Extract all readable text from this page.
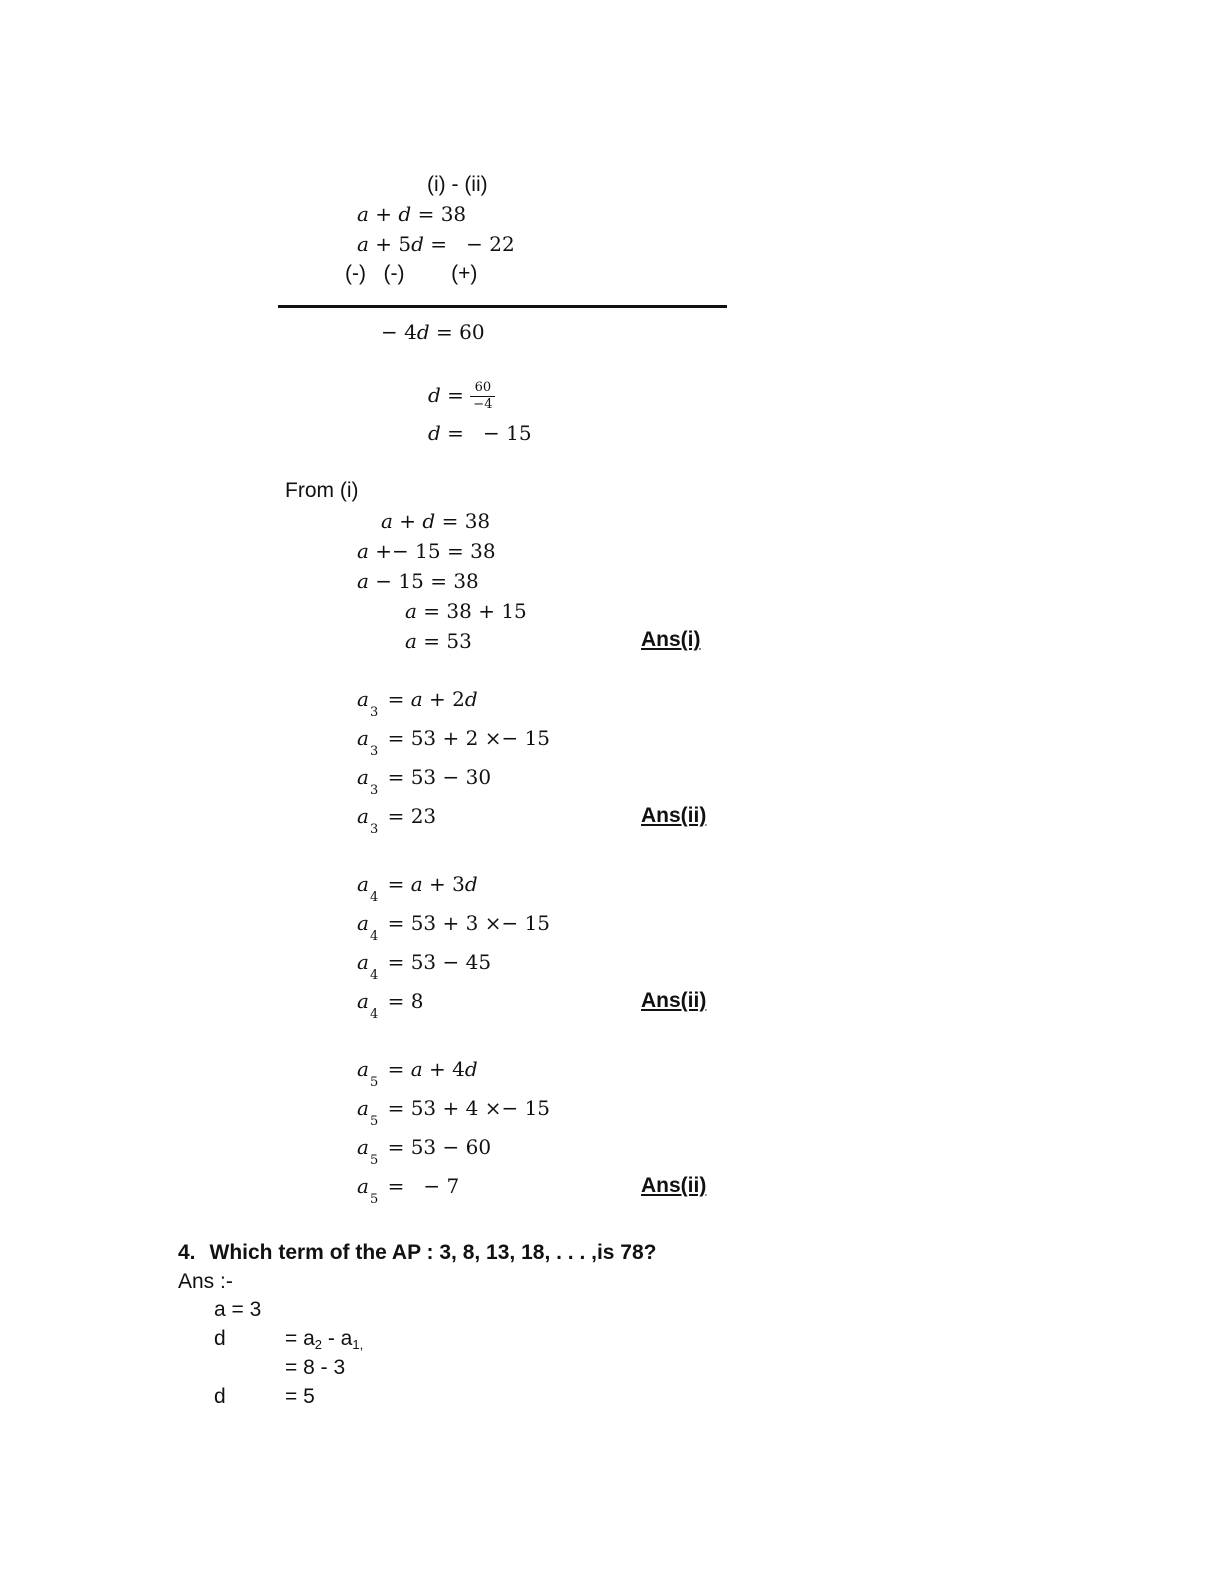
(i) - (ii)
a + d = 38
a + 5d =   − 22
(-)   (-)        (+)
− 4d = 60
$d = \frac{60}{-4}$
d =   − 15
From (i)
a + d = 38
a +− 15 = 38
a − 15 = 38
a = 38 + 15
a = 53	Ans(i)
$a_3 = a + 2d$
$a_3 = 53 + 2 \times- 15$
$a_3 = 53 - 30$
$a_3 = 23$	Ans(ii)
$a_4 = a + 3d$
$a_4 = 53 + 3 \times- 15$
$a_4 = 53 - 45$
$a_4 = 8$	Ans(ii)
$a_5 = a + 4d$
$a_5 = 53 + 4 \times- 15$
$a_5 = 53 - 60$
$a_5$ =   − 7	Ans(ii)
4. Which term of the AP : 3, 8, 13, 18, . . . ,is 78?
Ans :-
a = 3
d	= a2 - a1,
= 8 - 3
d	= 5
